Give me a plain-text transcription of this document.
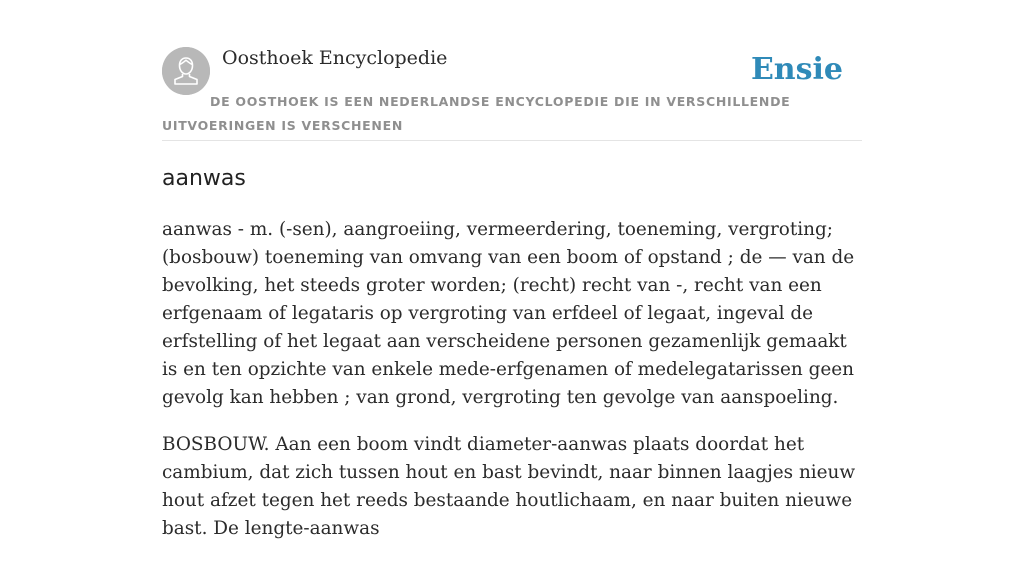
Oosthoek Encyclopedie	Ensie
DE OOSTHOEK IS EEN NEDERLANDSE ENCYCLOPEDIE DIE IN VERSCHILLENDE UITVOERINGEN IS VERSCHENEN
aanwas

aanwas - m. (-sen), aangroeiing, vermeerdering, toeneming, vergroting; (bosbouw) toeneming van omvang van een boom of opstand ; de — van de bevolking, het steeds groter worden; (recht) recht van -, recht van een erfgenaam of legataris op vergroting van erfdeel of legaat, ingeval de erfstelling of het legaat aan verscheidene personen gezamenlijk gemaakt is en ten opzichte van enkele mede-erfgenamen of medelegatarissen geen gevolg kan hebben ; van grond, vergroting ten gevolge van aanspoeling.

BOSBOUW. Aan een boom vindt diameter-aanwas plaats doordat het cambium, dat zich tussen hout en bast bevindt, naar binnen laagjes nieuw hout afzet tegen het reeds bestaande houtlichaam, en naar buiten nieuwe bast. De lengte-aanwas
